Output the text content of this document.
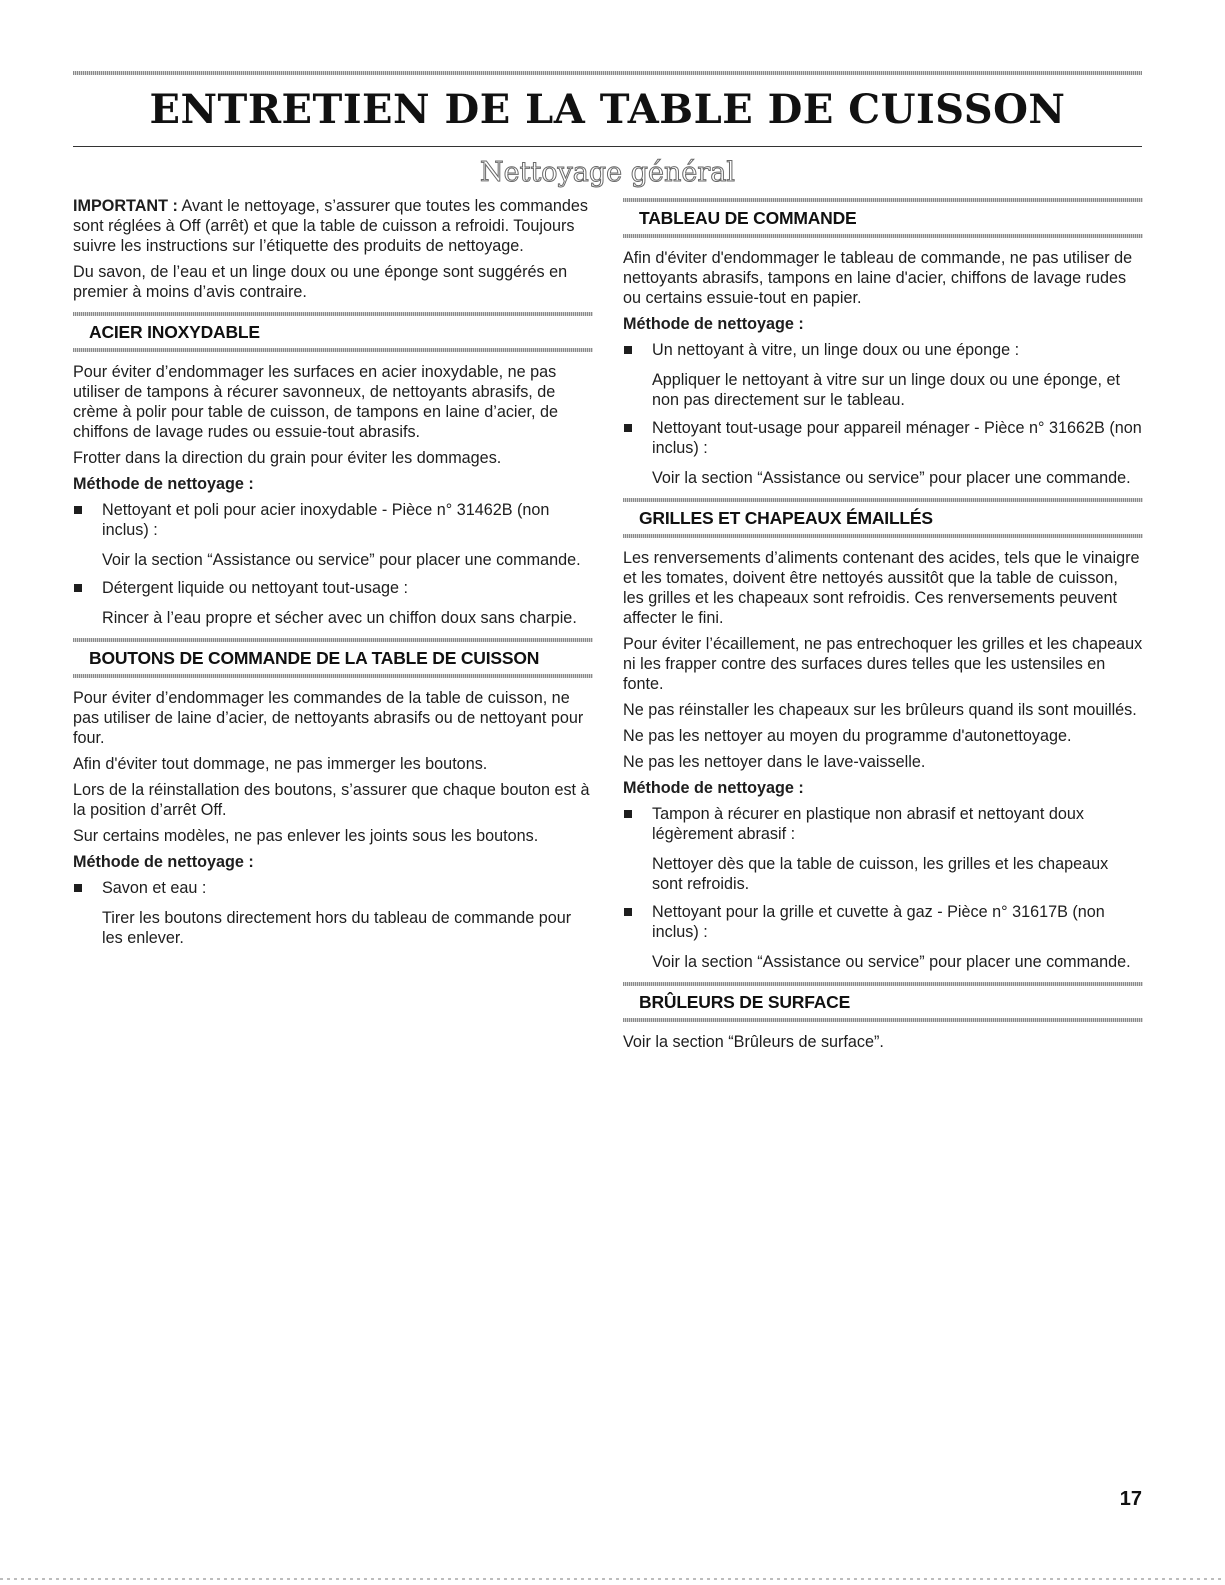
ENTRETIEN DE LA TABLE DE CUISSON
Nettoyage général

IMPORTANT : Avant le nettoyage, s’assurer que toutes les commandes sont réglées à Off (arrêt) et que la table de cuisson a refroidi. Toujours suivre les instructions sur l’étiquette des produits de nettoyage.

Du savon, de l’eau et un linge doux ou une éponge sont suggérés en premier à moins d’avis contraire.

ACIER INOXYDABLE

Pour éviter d’endommager les surfaces en acier inoxydable, ne pas utiliser de tampons à récurer savonneux, de nettoyants abrasifs, de crème à polir pour table de cuisson, de tampons en laine d’acier, de chiffons de lavage rudes ou essuie-tout abrasifs.

Frotter dans la direction du grain pour éviter les dommages.

Méthode de nettoyage :

Nettoyant et poli pour acier inoxydable - Pièce n° 31462B (non inclus) :
Voir la section “Assistance ou service” pour placer une commande.
Détergent liquide ou nettoyant tout-usage :
Rincer à l’eau propre et sécher avec un chiffon doux sans charpie.
BOUTONS DE COMMANDE DE LA TABLE DE CUISSON

Pour éviter d’endommager les commandes de la table de cuisson, ne pas utiliser de laine d’acier, de nettoyants abrasifs ou de nettoyant pour four.

Afin d'éviter tout dommage, ne pas immerger les boutons.

Lors de la réinstallation des boutons, s’assurer que chaque bouton est à la position d’arrêt Off.

Sur certains modèles, ne pas enlever les joints sous les boutons.

Méthode de nettoyage :

Savon et eau :
Tirer les boutons directement hors du tableau de commande pour les enlever.
TABLEAU DE COMMANDE

Afin d'éviter d'endommager le tableau de commande, ne pas utiliser de nettoyants abrasifs, tampons en laine d'acier, chiffons de lavage rudes ou certains essuie-tout en papier.

Méthode de nettoyage :

Un nettoyant à vitre, un linge doux ou une éponge :
Appliquer le nettoyant à vitre sur un linge doux ou une éponge, et non pas directement sur le tableau.
Nettoyant tout-usage pour appareil ménager - Pièce n° 31662B (non inclus) :
Voir la section “Assistance ou service” pour placer une commande.
GRILLES ET CHAPEAUX ÉMAILLÉS

Les renversements d’aliments contenant des acides, tels que le vinaigre et les tomates, doivent être nettoyés aussitôt que la table de cuisson, les grilles et les chapeaux sont refroidis. Ces renversements peuvent affecter le fini.

Pour éviter l’écaillement, ne pas entrechoquer les grilles et les chapeaux ni les frapper contre des surfaces dures telles que les ustensiles en fonte.

Ne pas réinstaller les chapeaux sur les brûleurs quand ils sont mouillés.

Ne pas les nettoyer au moyen du programme d'autonettoyage.

Ne pas les nettoyer dans le lave-vaisselle.

Méthode de nettoyage :

Tampon à récurer en plastique non abrasif et nettoyant doux légèrement abrasif :
Nettoyer dès que la table de cuisson, les grilles et les chapeaux sont refroidis.
Nettoyant pour la grille et cuvette à gaz - Pièce n° 31617B (non inclus) :
Voir la section “Assistance ou service” pour placer une commande.
BRÛLEURS DE SURFACE

Voir la section “Brûleurs de surface”.

17
